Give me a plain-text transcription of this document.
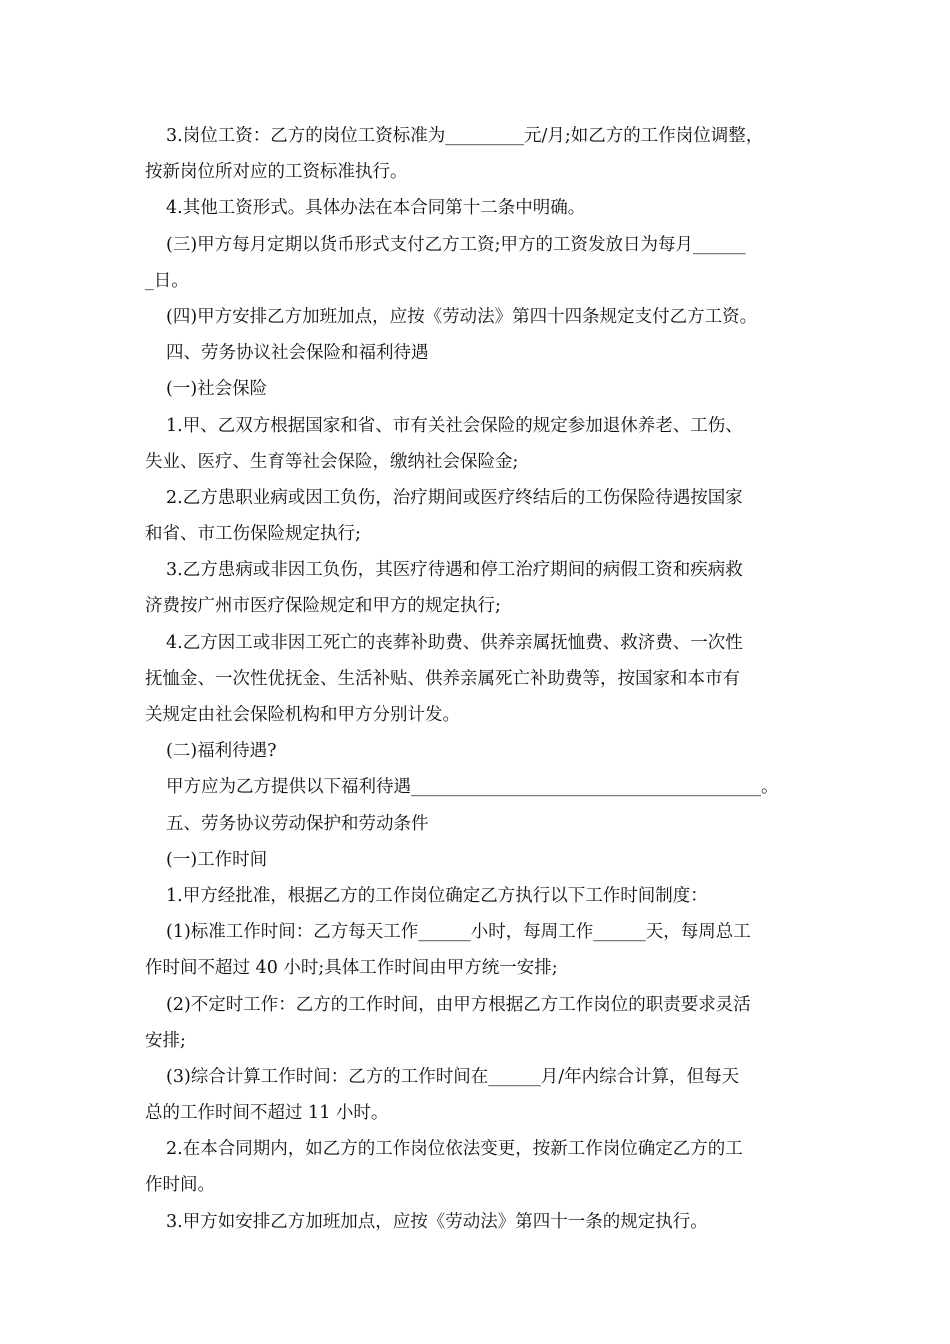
3.岗位工资：乙方的岗位工资标准为_________元/月;如乙方的工作岗位调整，
按新岗位所对应的工资标准执行。
4.其他工资形式。具体办法在本合同第十二条中明确。
(三)甲方每月定期以货币形式支付乙方工资;甲方的工资发放日为每月______
_日。
(四)甲方安排乙方加班加点，应按《劳动法》第四十四条规定支付乙方工资。
四、劳务协议社会保险和福利待遇
(一)社会保险
1.甲、乙双方根据国家和省、市有关社会保险的规定参加退休养老、工伤、
失业、医疗、生育等社会保险，缴纳社会保险金;
2.乙方患职业病或因工负伤，治疗期间或医疗终结后的工伤保险待遇按国家
和省、市工伤保险规定执行;
3.乙方患病或非因工负伤，其医疗待遇和停工治疗期间的病假工资和疾病救
济费按广州市医疗保险规定和甲方的规定执行;
4.乙方因工或非因工死亡的丧葬补助费、供养亲属抚恤费、救济费、一次性
抚恤金、一次性优抚金、生活补贴、供养亲属死亡补助费等，按国家和本市有
关规定由社会保险机构和甲方分别计发。
(二)福利待遇?
甲方应为乙方提供以下福利待遇________________________________________。
五、劳务协议劳动保护和劳动条件
(一)工作时间
1.甲方经批准，根据乙方的工作岗位确定乙方执行以下工作时间制度：
(1)标准工作时间：乙方每天工作______小时，每周工作______天，每周总工
作时间不超过 40 小时;具体工作时间由甲方统一安排;
(2)不定时工作：乙方的工作时间，由甲方根据乙方工作岗位的职责要求灵活
安排;
(3)综合计算工作时间：乙方的工作时间在______月/年内综合计算，但每天
总的工作时间不超过 11 小时。
2.在本合同期内，如乙方的工作岗位依法变更，按新工作岗位确定乙方的工
作时间。
3.甲方如安排乙方加班加点，应按《劳动法》第四十一条的规定执行。
